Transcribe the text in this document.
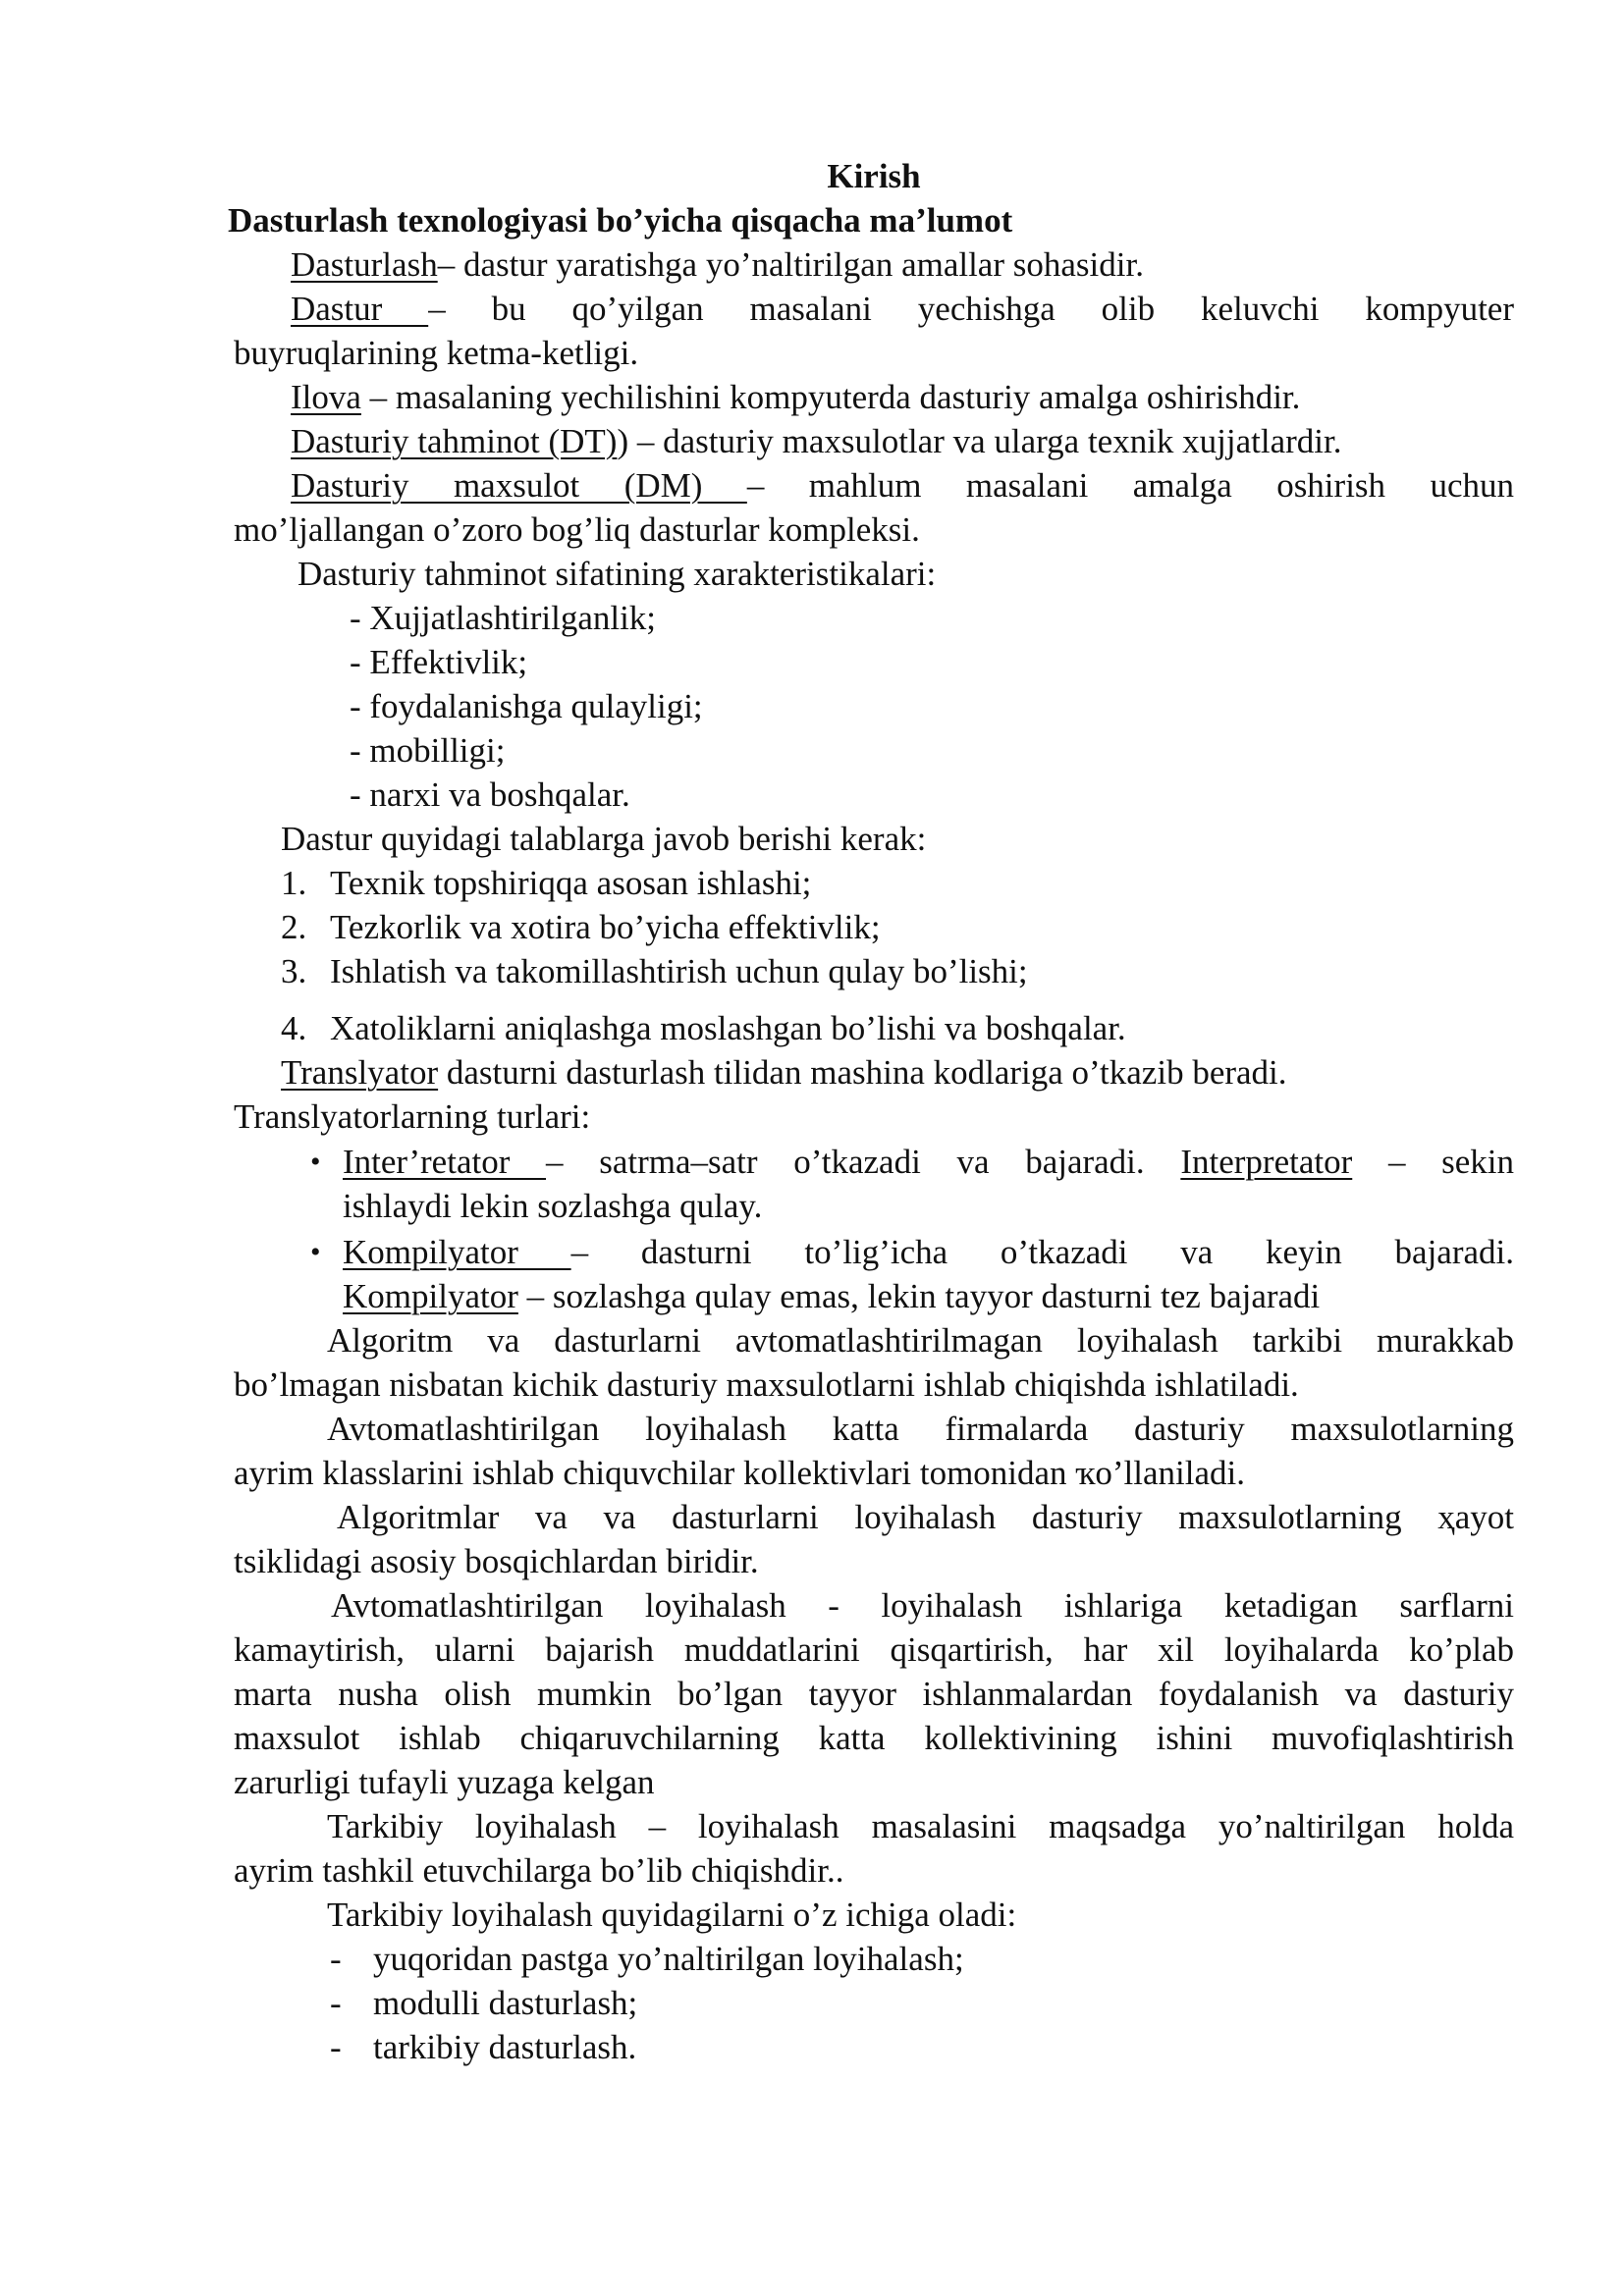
Kirish
Dasturlash texnologiyasi bo’yicha qisqacha ma’lumot
Dasturlash– dastur yaratishga yo’naltirilgan amallar sohasidir.
Dastur – bu qo’yilgan masalani yechishga olib keluvchi kompyuter
buyruqlarining ketma-ketligi.
Ilova – masalaning yechilishini kompyuterda dasturiy amalga oshirishdir.
Dasturiy tahminot (DT)) – dasturiy maxsulotlar va ularga texnik xujjatlardir.
Dasturiy maxsulot (DM) – mahlum masalani amalga oshirish uchun
mo’ljallangan o’zoro bog’liq dasturlar kompleksi.
Dasturiy tahminot sifatining xarakteristikalari:
- Xujjatlashtirilganlik;
- Effektivlik;
- foydalanishga qulayligi;
- mobilligi;
- narxi va boshqalar.
Dastur quyidagi talablarga javob berishi kerak:
1. Texnik topshiriqqa asosan ishlashi;
2. Tezkorlik va xotira bo’yicha effektivlik;
3. Ishlatish va takomillashtirish uchun qulay bo’lishi;
4. Xatoliklarni aniqlashga moslashgan bo’lishi va boshqalar.
Translyator dasturni dasturlash tilidan mashina kodlariga o’tkazib beradi.
Translyatorlarning turlari:
• Inter’retator – satrma–satr o’tkazadi va bajaradi. Interpretator – sekin
ishlaydi lekin sozlashga qulay.
• Kompilyator – dasturni to’lig’icha o’tkazadi va keyin bajaradi.
Kompilyator – sozlashga qulay emas, lekin tayyor dasturni tez bajaradi
Algoritm va dasturlarni avtomatlashtirilmagan loyihalash tarkibi murakkab
bo’lmagan nisbatan kichik dasturiy maxsulotlarni ishlab chiqishda ishlatiladi.
Avtomatlashtirilgan loyihalash katta firmalarda dasturiy maxsulotlarning
ayrim klasslarini ishlab chiquvchilar kollektivlari tomonidan ҡo’llaniladi.
Algoritmlar va va dasturlarni loyihalash dasturiy maxsulotlarning ҳayot
tsiklidagi asosiy bosqichlardan biridir.
Avtomatlashtirilgan loyihalash - loyihalash ishlariga ketadigan sarflarni
kamaytirish, ularni bajarish muddatlarini qisqartirish, har xil loyihalarda ko’plab
marta nusha olish mumkin bo’lgan tayyor ishlanmalardan foydalanish va dasturiy
maxsulot ishlab chiqaruvchilarning katta kollektivining ishini muvofiqlashtirish
zarurligi tufayli yuzaga kelgan
Tarkibiy loyihalash – loyihalash masalasini maqsadga yo’naltirilgan holda
ayrim tashkil etuvchilarga bo’lib chiqishdir..
Tarkibiy loyihalash quyidagilarni o’z ichiga oladi:
- yuqoridan pastga yo’naltirilgan loyihalash;
- modulli dasturlash;
- tarkibiy dasturlash.
